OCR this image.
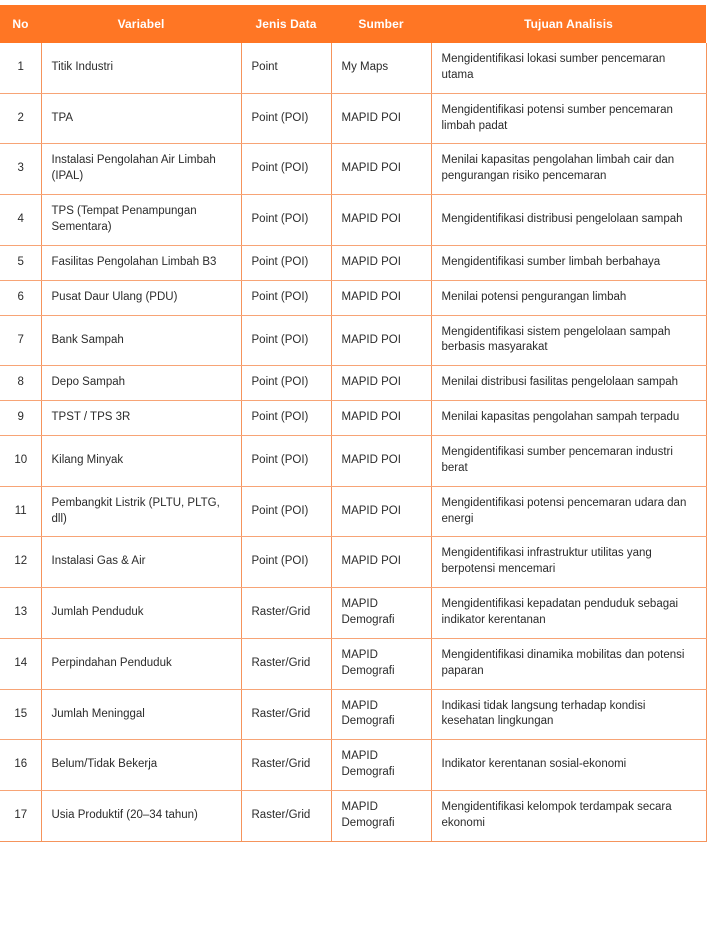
No	Variabel	Jenis Data	Sumber	Tujuan Analisis
1	Titik Industri	Point	My Maps	Mengidentifikasi lokasi sumber pencemaran utama
2	TPA	Point (POI)	MAPID POI	Mengidentifikasi potensi sumber pencemaran limbah padat
3	Instalasi Pengolahan Air Limbah (IPAL)	Point (POI)	MAPID POI	Menilai kapasitas pengolahan limbah cair dan pengurangan risiko pencemaran
4	TPS (Tempat Penampungan Sementara)	Point (POI)	MAPID POI	Mengidentifikasi distribusi pengelolaan sampah
5	Fasilitas Pengolahan Limbah B3	Point (POI)	MAPID POI	Mengidentifikasi sumber limbah berbahaya
6	Pusat Daur Ulang (PDU)	Point (POI)	MAPID POI	Menilai potensi pengurangan limbah
7	Bank Sampah	Point (POI)	MAPID POI	Mengidentifikasi sistem pengelolaan sampah berbasis masyarakat
8	Depo Sampah	Point (POI)	MAPID POI	Menilai distribusi fasilitas pengelolaan sampah
9	TPST / TPS 3R	Point (POI)	MAPID POI	Menilai kapasitas pengolahan sampah terpadu
10	Kilang Minyak	Point (POI)	MAPID POI	Mengidentifikasi sumber pencemaran industri berat
11	Pembangkit Listrik (PLTU, PLTG, dll)	Point (POI)	MAPID POI	Mengidentifikasi potensi pencemaran udara dan energi
12	Instalasi Gas & Air	Point (POI)	MAPID POI	Mengidentifikasi infrastruktur utilitas yang berpotensi mencemari
13	Jumlah Penduduk	Raster/Grid	MAPID Demografi	Mengidentifikasi kepadatan penduduk sebagai indikator kerentanan
14	Perpindahan Penduduk	Raster/Grid	MAPID Demografi	Mengidentifikasi dinamika mobilitas dan potensi paparan
15	Jumlah Meninggal	Raster/Grid	MAPID Demografi	Indikasi tidak langsung terhadap kondisi kesehatan lingkungan
16	Belum/Tidak Bekerja	Raster/Grid	MAPID Demografi	Indikator kerentanan sosial-ekonomi
17	Usia Produktif (20–34 tahun)	Raster/Grid	MAPID Demografi	Mengidentifikasi kelompok terdampak secara ekonomi
